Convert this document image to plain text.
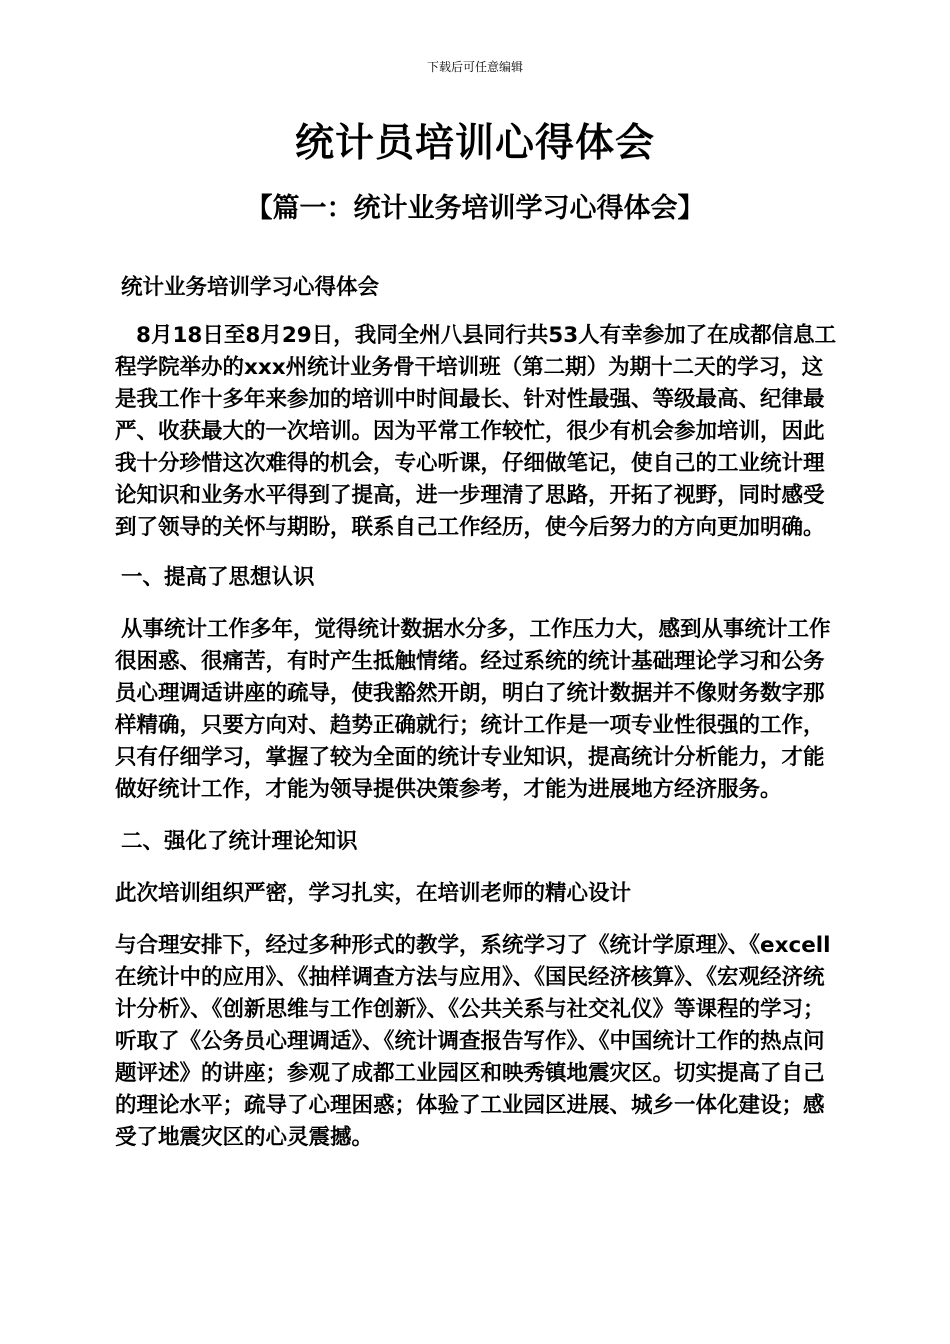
下载后可任意编辑
统计员培训心得体会
【篇一：统计业务培训学习心得体会】

统计业务培训学习心得体会

8月18日至8月29日，我同全州八县同行共53人有幸参加了在成都信息工程学院举办的xxx州统计业务骨干培训班（第二期）为期十二天的学习，这是我工作十多年来参加的培训中时间最长、针对性最强、等级最高、纪律最严、收获最大的一次培训。因为平常工作较忙，很少有机会参加培训，因此我十分珍惜这次难得的机会，专心听课，仔细做笔记，使自己的工业统计理论知识和业务水平得到了提高，进一步理清了思路，开拓了视野，同时感受到了领导的关怀与期盼，联系自己工作经历，使今后努力的方向更加明确。

一、提高了思想认识

从事统计工作多年，觉得统计数据水分多，工作压力大，感到从事统计工作很困惑、很痛苦，有时产生抵触情绪。经过系统的统计基础理论学习和公务员心理调适讲座的疏导，使我豁然开朗，明白了统计数据并不像财务数字那样精确，只要方向对、趋势正确就行；统计工作是一项专业性很强的工作，只有仔细学习，掌握了较为全面的统计专业知识，提高统计分析能力，才能做好统计工作，才能为领导提供决策参考，才能为进展地方经济服务。

二、强化了统计理论知识

此次培训组织严密，学习扎实，在培训老师的精心设计

与合理安排下，经过多种形式的教学，系统学习了《统计学原理》、《excell在统计中的应用》、《抽样调查方法与应用》、《国民经济核算》、《宏观经济统计分析》、《创新思维与工作创新》、《公共关系与社交礼仪》等课程的学习；听取了《公务员心理调适》、《统计调查报告写作》、《中国统计工作的热点问题评述》的讲座；参观了成都工业园区和映秀镇地震灾区。切实提高了自己的理论水平；疏导了心理困惑；体验了工业园区进展、城乡一体化建设；感受了地震灾区的心灵震撼。
